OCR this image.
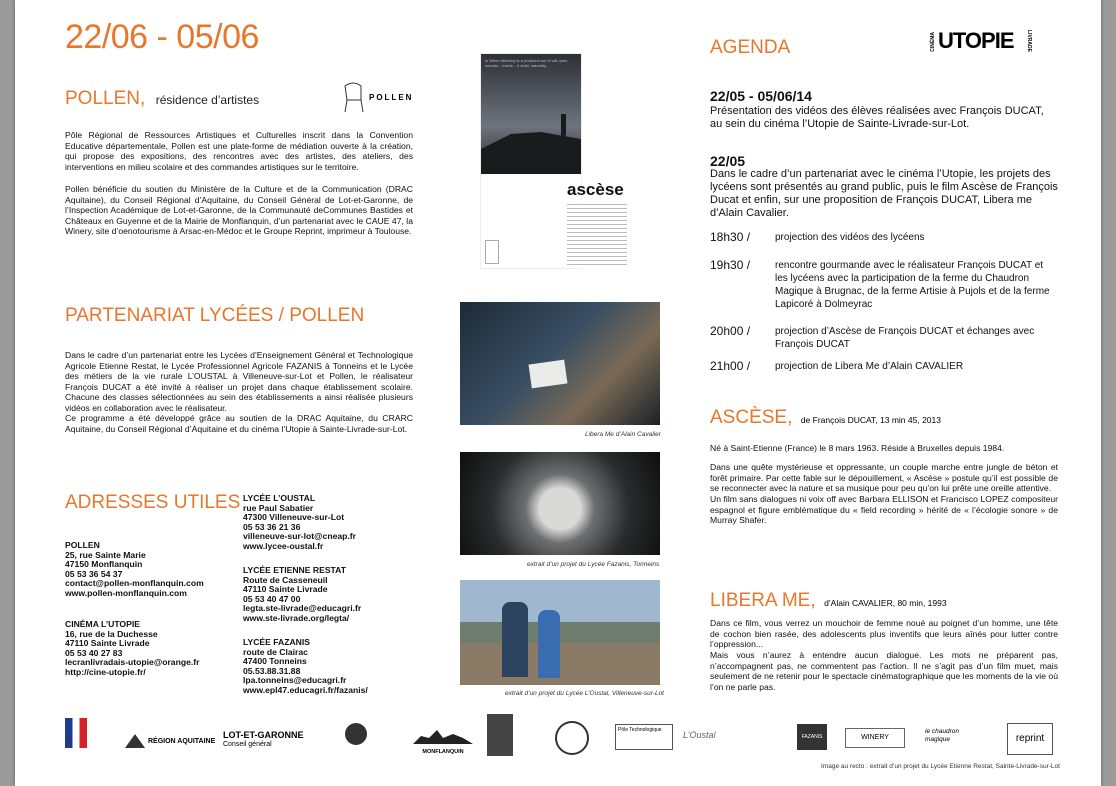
22/06 - 05/06
POLLEN, résidence d’artistes	POLLEN
Pôle Régional de Ressources Artistiques et Culturelles inscrit dans la Convention Educative départementale, Pollen est une plate-forme de médiation ouverte à la création, qui propose des expositions, des rencontres avec des artistes, des ateliers, des interventions en milieu scolaire et des commandes artistiques sur le territoire.
Pollen bénéficie du soutien du Ministère de la Culture et de la Communication (DRAC Aquitaine), du Conseil Régional d’Aquitaine, du Conseil Général de Lot-et-Garonne, de l’Inspection Académique de Lot-et-Garonne, de la Communauté deCommunes Bastides et Châteaux en Guyenne et de la Mairie de Monflanquin, d’un partenariat avec le CAUE 47, la Winery, site d’oenotourisme à Arsac-en-Médoc et le Groupe Reprint, imprimeur à Toulouse.
Is When listening is a profound act of will open... sounds... inside... it shall, naturally...
ascèse
PARTENARIAT LYCÉES / POLLEN
Dans le cadre d’un partenariat entre les Lycées d’Enseignement Général et Technologique Agricole Etienne Restat, le Lycée Professionnel Agricole FAZANIS à Tonneins et le Lycée des métiers de la vie rurale L’OUSTAL à Villeneuve-sur-Lot et Pollen, le réalisateur François DUCAT a été invité à réaliser un projet dans chaque établissement scolaire. Chacune des classes sélectionnées au sein des établissements a ainsi réalisée plusieurs vidéos en collaboration avec le réalisateur.
Ce programme a été développé grâce au soutien de la DRAC Aquitaine, du CRARC Aquitaine, du Conseil Régional d’Aquitaine et du cinéma l’Utopie à Sainte-Livrade-sur-Lot.
Libera Me d’Alain Cavalier
extrait d’un projet du Lycée Fazanis, Tonneins
extrait d’un projet du Lycée L’Oustal, Villeneuve-sur-Lot
ADRESSES UTILES
POLLEN
25, rue Sainte Marie
47150 Monflanquin
05 53 36 54 37
contact@pollen-monflanquin.com
www.pollen-monflanquin.com
CINÉMA L’UTOPIE
16, rue de la Duchesse
47110 Sainte Livrade
05 53 40 27 83
lecranlivradais-utopie@orange.fr
http://cine-utopie.fr/
LYCÉE L’OUSTAL
rue Paul Sabatier
47300 Villeneuve-sur-Lot
05 53 36 21 36
villeneuve-sur-lot@cneap.fr
www.lycee-oustal.fr
LYCÉE ETIENNE RESTAT
Route de Casseneuil
47110 Sainte Livrade
05 53 40 47 00
legta.ste-livrade@educagri.fr
www.ste-livrade.org/legta/
LYCÉE FAZANIS
route de Clairac
47400 Tonneins
05.53.88.31.88
lpa.tonneins@educagri.fr
www.epl47.educagri.fr/fazanis/
AGENDA	CINÉMA UTOPIE LIVRADE
22/05 - 05/06/14
Présentation des vidéos des élèves réalisées avec François DUCAT, au sein du cinéma l’Utopie de Sainte-Livrade-sur-Lot.
22/05
Dans le cadre d’un partenariat avec le cinéma l’Utopie, les projets des lycéens sont présentés au grand public, puis le film Ascèse de François Ducat et enfin, sur une proposition de François DUCAT, Libera me d’Alain Cavalier.
18h30 / projection des vidéos des lycéens
19h30 / rencontre gourmande avec le réalisateur François DUCAT et les lycéens avec la participation de la ferme du Chaudron Magique à Brugnac, de la ferme Artisie à Pujols et de la ferme Lapicoré à Dolmeyrac
20h00 / projection d’Ascèse de François DUCAT et échanges avec François DUCAT
21h00 / projection de Libera Me d’Alain CAVALIER
ASCÈSE, de François DUCAT, 13 min 45, 2013
Né à Saint-Etienne (France) le 8 mars 1963. Réside à Bruxelles depuis 1984.
Dans une quête mystérieuse et oppressante, un couple marche entre jungle de béton et forêt primaire. Par cette fable sur le dépouillement, « Ascèse » postule qu’il est possible de se reconnecter avec la nature et sa musique pour peu qu’on lui prête une oreille attentive.
Un film sans dialogues ni voix off avec Barbara ELLISON et Francisco LOPEZ compositeur espagnol et figure emblématique du « field recording » hérité de « l’écologie sonore » de Murray Shafer.
LIBERA ME, d’Alain CAVALIER, 80 min, 1993
Dans ce film, vous verrez un mouchoir de femme noué au poignet d’un homme, une tête de cochon bien rasée, des adolescents plus inventifs que leurs aînés pour lutter contre l’oppression...
Mais vous n’aurez à entendre aucun dialogue. Les mots ne préparent pas, n’accompagnent pas, ne commentent pas l’action. Il ne s’agit pas d’un film muet, mais seulement de ne retenir pour le spectacle cinématographique que les moments de la vie où l’on ne parle pas.
RÉGION AQUITAINE
LOT-ET-GARONNE
Conseil général
MONFLANQUIN
Pôle Technologique	L’Oustal	FAZANIS	WINERY
le chaudron magique	reprint
Image au recto : extrait d’un projet du Lycée Etienne Restat, Sainte-Livrade-sur-Lot
